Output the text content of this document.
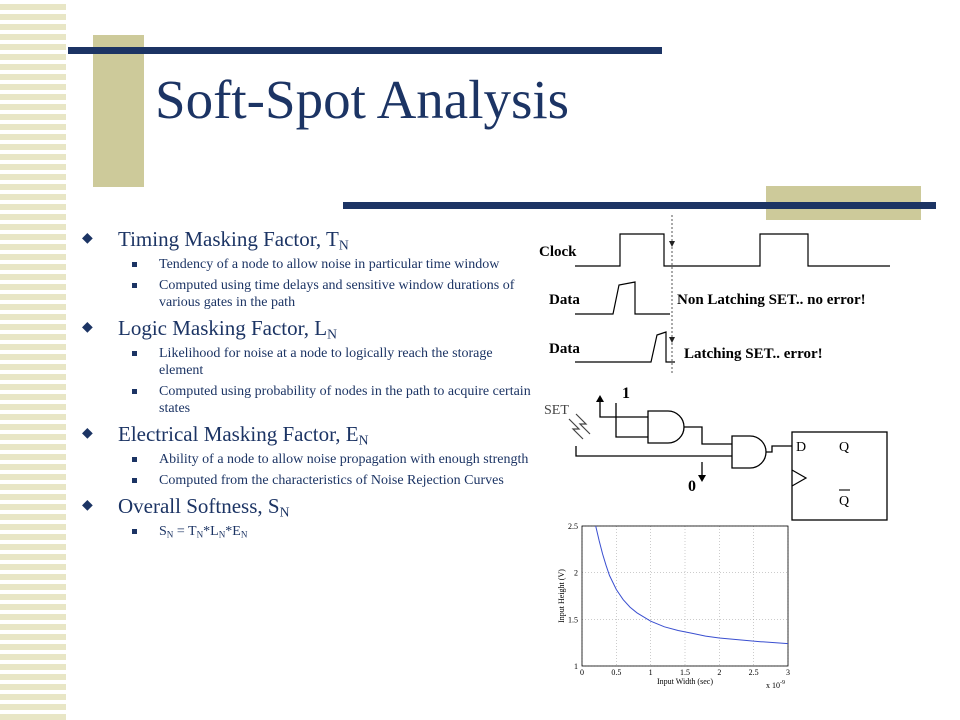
Soft-Spot Analysis
◆ Timing Masking Factor, $T_N$
Tendency of a node to allow noise in particular time window
Computed using time delays and sensitive window durations of various gates in the path
◆ Logic Masking Factor, $L_N$
Likelihood for noise at a node to logically reach the storage element
Computed using probability of nodes in the path to acquire certain states
◆ Electrical Masking Factor, $E_N$
Ability of a node to allow noise propagation with enough strength
Computed from the characteristics of Noise Rejection Curves
◆ Overall Softness, $S_N$
$S_N = T_N*L_N*E_N$
Clock
Data	Non Latching SET.. no error!
Data	Latching SET.. error!
SET
1
0
D Q
Q
2.5
2
1.5
1
3
2.5
2
1.5
1
0.5
0
Input Height (V)
Input Width (sec)	x $10^{-9}$
